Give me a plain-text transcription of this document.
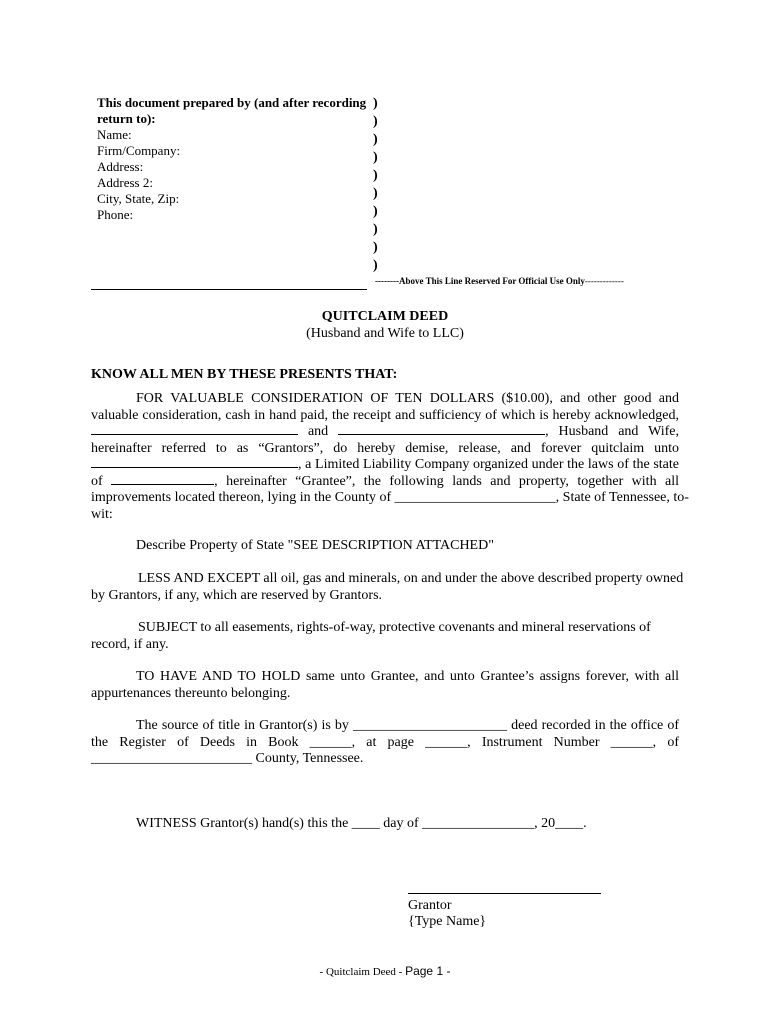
This document prepared by (and after recording
return to):
Name:
Firm/Company:
Address:
Address 2:
City, State, Zip:
Phone:
)
)
)
)
)
)
)
)
)
)
--------Above This Line Reserved For Official Use Only-------------
QUITCLAIM DEED
(Husband and Wife to LLC)
KNOW ALL MEN BY THESE PRESENTS THAT:
FOR VALUABLE CONSIDERATION OF TEN DOLLARS ($10.00), and other good and
valuable consideration, cash in hand paid, the receipt and sufficiency of which is hereby acknowledged,
and	, Husband and Wife,
hereinafter referred to as “Grantors”, do hereby demise, release, and forever quitclaim unto
, a Limited Liability Company organized under the laws of the state
of	, hereinafter “Grantee”, the following lands and property, together with all
improvements located thereon, lying in the County of _______________________, State of Tennessee, to-
wit:
Describe Property of State "SEE DESCRIPTION ATTACHED"
LESS AND EXCEPT all oil, gas and minerals, on and under the above described property owned
by Grantors, if any, which are reserved by Grantors.
SUBJECT to all easements, rights-of-way, protective covenants and mineral reservations of
record, if any.
TO HAVE AND TO HOLD same unto Grantee, and unto Grantee’s assigns forever, with all
appurtenances thereunto belonging.
The source of title in Grantor(s) is by ______________________ deed recorded in the office of
the Register of Deeds in Book ______, at page ______, Instrument Number ______, of
_______________________ County, Tennessee.
WITNESS Grantor(s) hand(s) this the ____ day of ________________, 20____.
Grantor
{Type Name}
- Quitclaim Deed - Page 1 -
